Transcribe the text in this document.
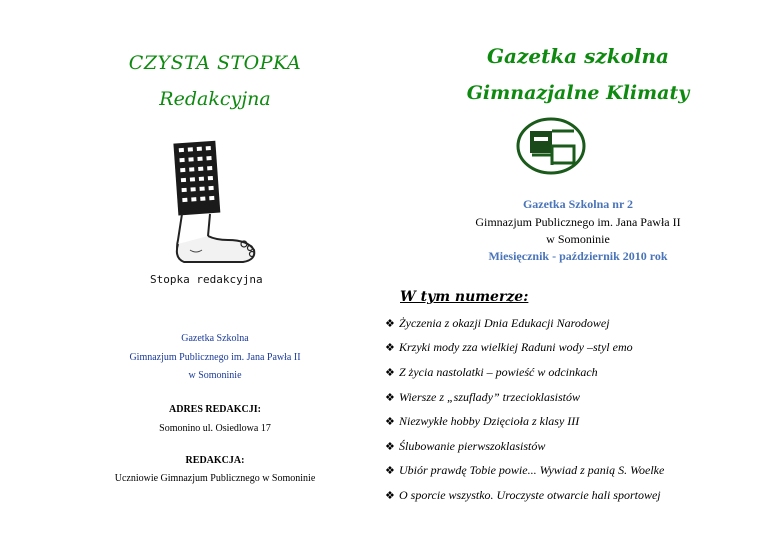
CZYSTA STOPKA
Redakcyjna
Stopka redakcyjna
Gazetka Szkolna
Gimnazjum Publicznego im. Jana Pawła II
w Somoninie
ADRES REDAKCJI:
Somonino ul. Osiedlowa 17
REDAKCJA:
Uczniowie Gimnazjum Publicznego w Somoninie
Gazetka szkolna
Gimnazjalne Klimaty
Gazetka Szkolna nr 2
Gimnazjum Publicznego im. Jana Pawła II
w Somoninie
Miesięcznik - październik 2010 rok
W tym numerze:
❖ Życzenia z okazji Dnia Edukacji Narodowej
❖ Krzyki mody zza wielkiej Raduni wody –styl emo
❖ Z życia nastolatki – powieść w odcinkach
❖ Wiersze z „szuflady” trzecioklasistów
❖ Niezwykłe hobby Dzięcioła z klasy III
❖ Ślubowanie pierwszoklasistów
❖ Ubiór prawdę Tobie powie... Wywiad z panią S. Woelke
❖ O sporcie wszystko. Uroczyste otwarcie hali sportowej
